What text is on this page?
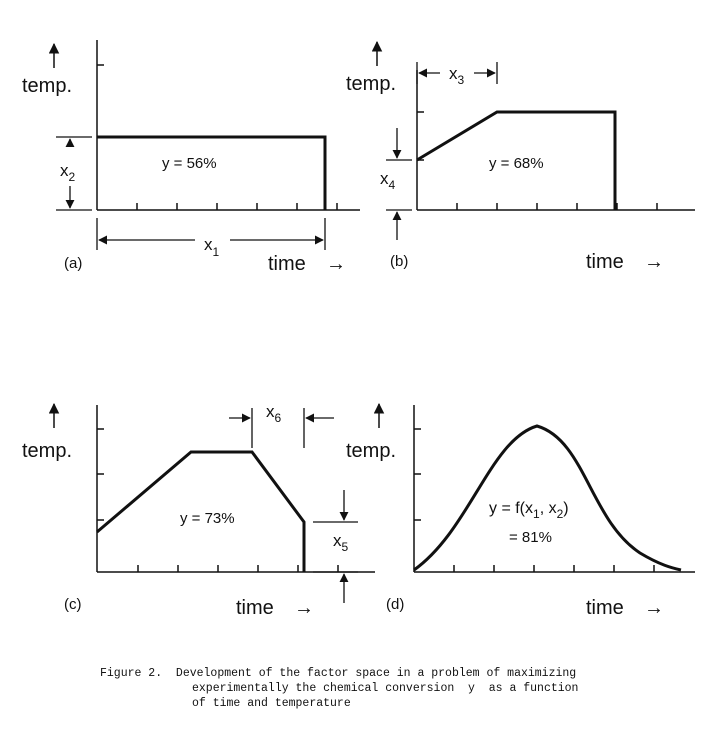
temp.
y = 56%
$x_2$
$x_1$
(a)	time →
temp.
y = 68%
$x_3$
$x_4$
(b)	time →
temp.
y = 73%
$x_6$
$x_5$
(c)	time →
temp.
$y = f(x_1$, $x_2$)
= 81%
(d)	time →
Figure 2.  Development of the factor space in a problem of maximizing
experimentally the chemical conversion  y  as a function
of time and temperature
